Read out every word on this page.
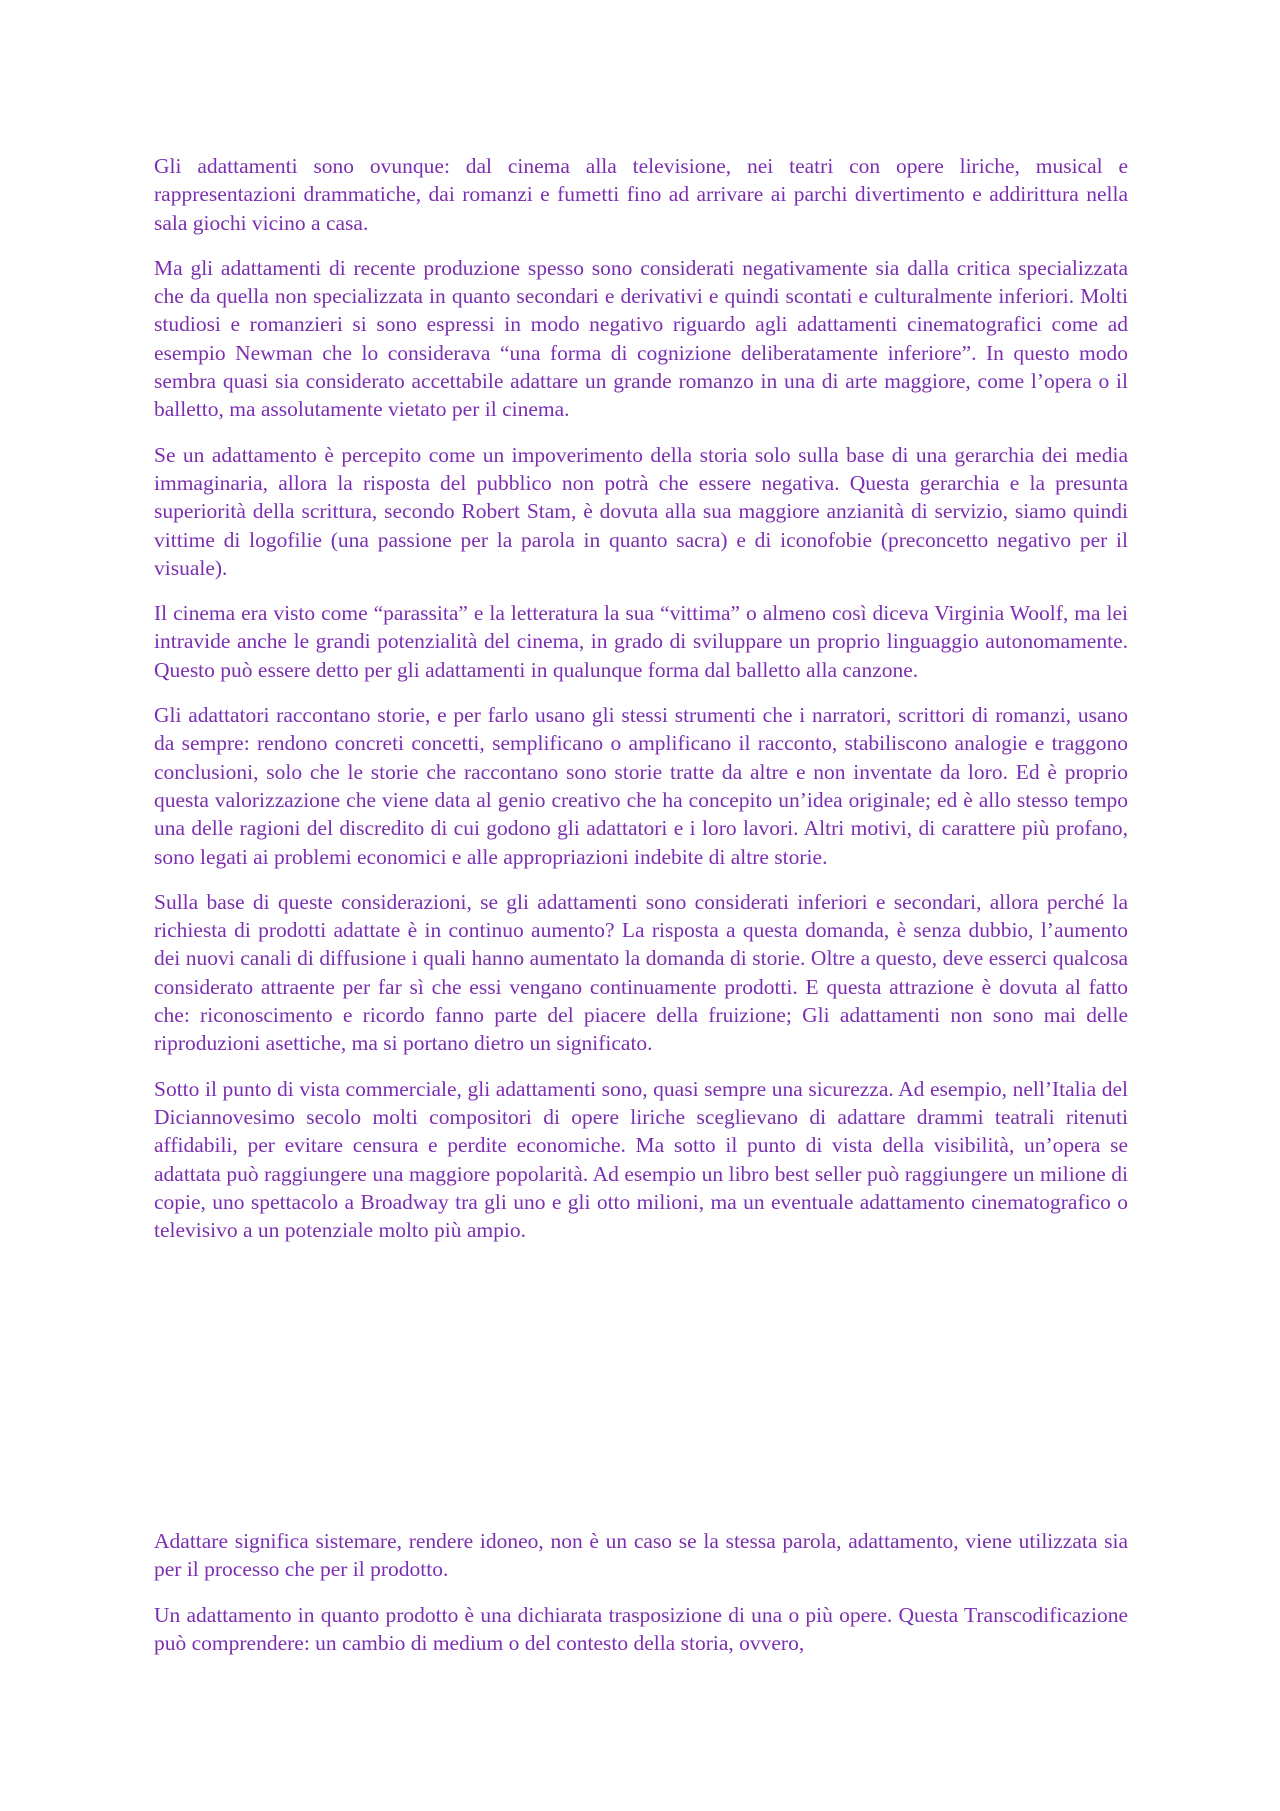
Gli adattamenti sono ovunque: dal cinema alla televisione, nei teatri con opere liriche, musical e rappresentazioni drammatiche, dai romanzi e fumetti fino ad arrivare ai parchi divertimento e addirittura nella sala giochi vicino a casa.

Ma gli adattamenti di recente produzione spesso sono considerati negativamente sia dalla critica specializzata che da quella non specializzata in quanto secondari e derivativi e quindi scontati e culturalmente inferiori. Molti studiosi e romanzieri si sono espressi in modo negativo riguardo agli adattamenti cinematografici come ad esempio Newman che lo considerava “una forma di cognizione deliberatamente inferiore”. In questo modo sembra quasi sia considerato accettabile adattare un grande romanzo in una di arte maggiore, come l’opera o il balletto, ma assolutamente vietato per il cinema.

Se un adattamento è percepito come un impoverimento della storia solo sulla base di una gerarchia dei media immaginaria, allora la risposta del pubblico non potrà che essere negativa. Questa gerarchia e la presunta superiorità della scrittura, secondo Robert Stam, è dovuta alla sua maggiore anzianità di servizio, siamo quindi vittime di logofilie (una passione per la parola in quanto sacra) e di iconofobie (preconcetto negativo per il visuale).

Il cinema era visto come “parassita” e la letteratura la sua “vittima” o almeno così diceva Virginia Woolf, ma lei intravide anche le grandi potenzialità del cinema, in grado di sviluppare un proprio linguaggio autonomamente. Questo può essere detto per gli adattamenti in qualunque forma dal balletto alla canzone.

Gli adattatori raccontano storie, e per farlo usano gli stessi strumenti che i narratori, scrittori di romanzi, usano da sempre: rendono concreti concetti, semplificano o amplificano il racconto, stabiliscono analogie e traggono conclusioni, solo che le storie che raccontano sono storie tratte da altre e non inventate da loro. Ed è proprio questa valorizzazione che viene data al genio creativo che ha concepito un’idea originale; ed è allo stesso tempo una delle ragioni del discredito di cui godono gli adattatori e i loro lavori. Altri motivi, di carattere più profano, sono legati ai problemi economici e alle appropriazioni indebite di altre storie.

Sulla base di queste considerazioni, se gli adattamenti sono considerati inferiori e secondari, allora perché la richiesta di prodotti adattate è in continuo aumento? La risposta a questa domanda, è senza dubbio, l’aumento dei nuovi canali di diffusione i quali hanno aumentato la domanda di storie. Oltre a questo, deve esserci qualcosa considerato attraente per far sì che essi vengano continuamente prodotti. E questa attrazione è dovuta al fatto che: riconoscimento e ricordo fanno parte del piacere della fruizione; Gli adattamenti non sono mai delle riproduzioni asettiche, ma si portano dietro un significato.

Sotto il punto di vista commerciale, gli adattamenti sono, quasi sempre una sicurezza. Ad esempio, nell’Italia del Diciannovesimo secolo molti compositori di opere liriche sceglievano di adattare drammi teatrali ritenuti affidabili, per evitare censura e perdite economiche. Ma sotto il punto di vista della visibilità, un’opera se adattata può raggiungere una maggiore popolarità. Ad esempio un libro best seller può raggiungere un milione di copie, uno spettacolo a Broadway tra gli uno e gli otto milioni, ma un eventuale adattamento cinematografico o televisivo a un potenziale molto più ampio.

Adattare significa sistemare, rendere idoneo, non è un caso se la stessa parola, adattamento, viene utilizzata sia per il processo che per il prodotto.

Un adattamento in quanto prodotto è una dichiarata trasposizione di una o più opere. Questa Transcodificazione può comprendere: un cambio di medium o del contesto della storia, ovvero,
